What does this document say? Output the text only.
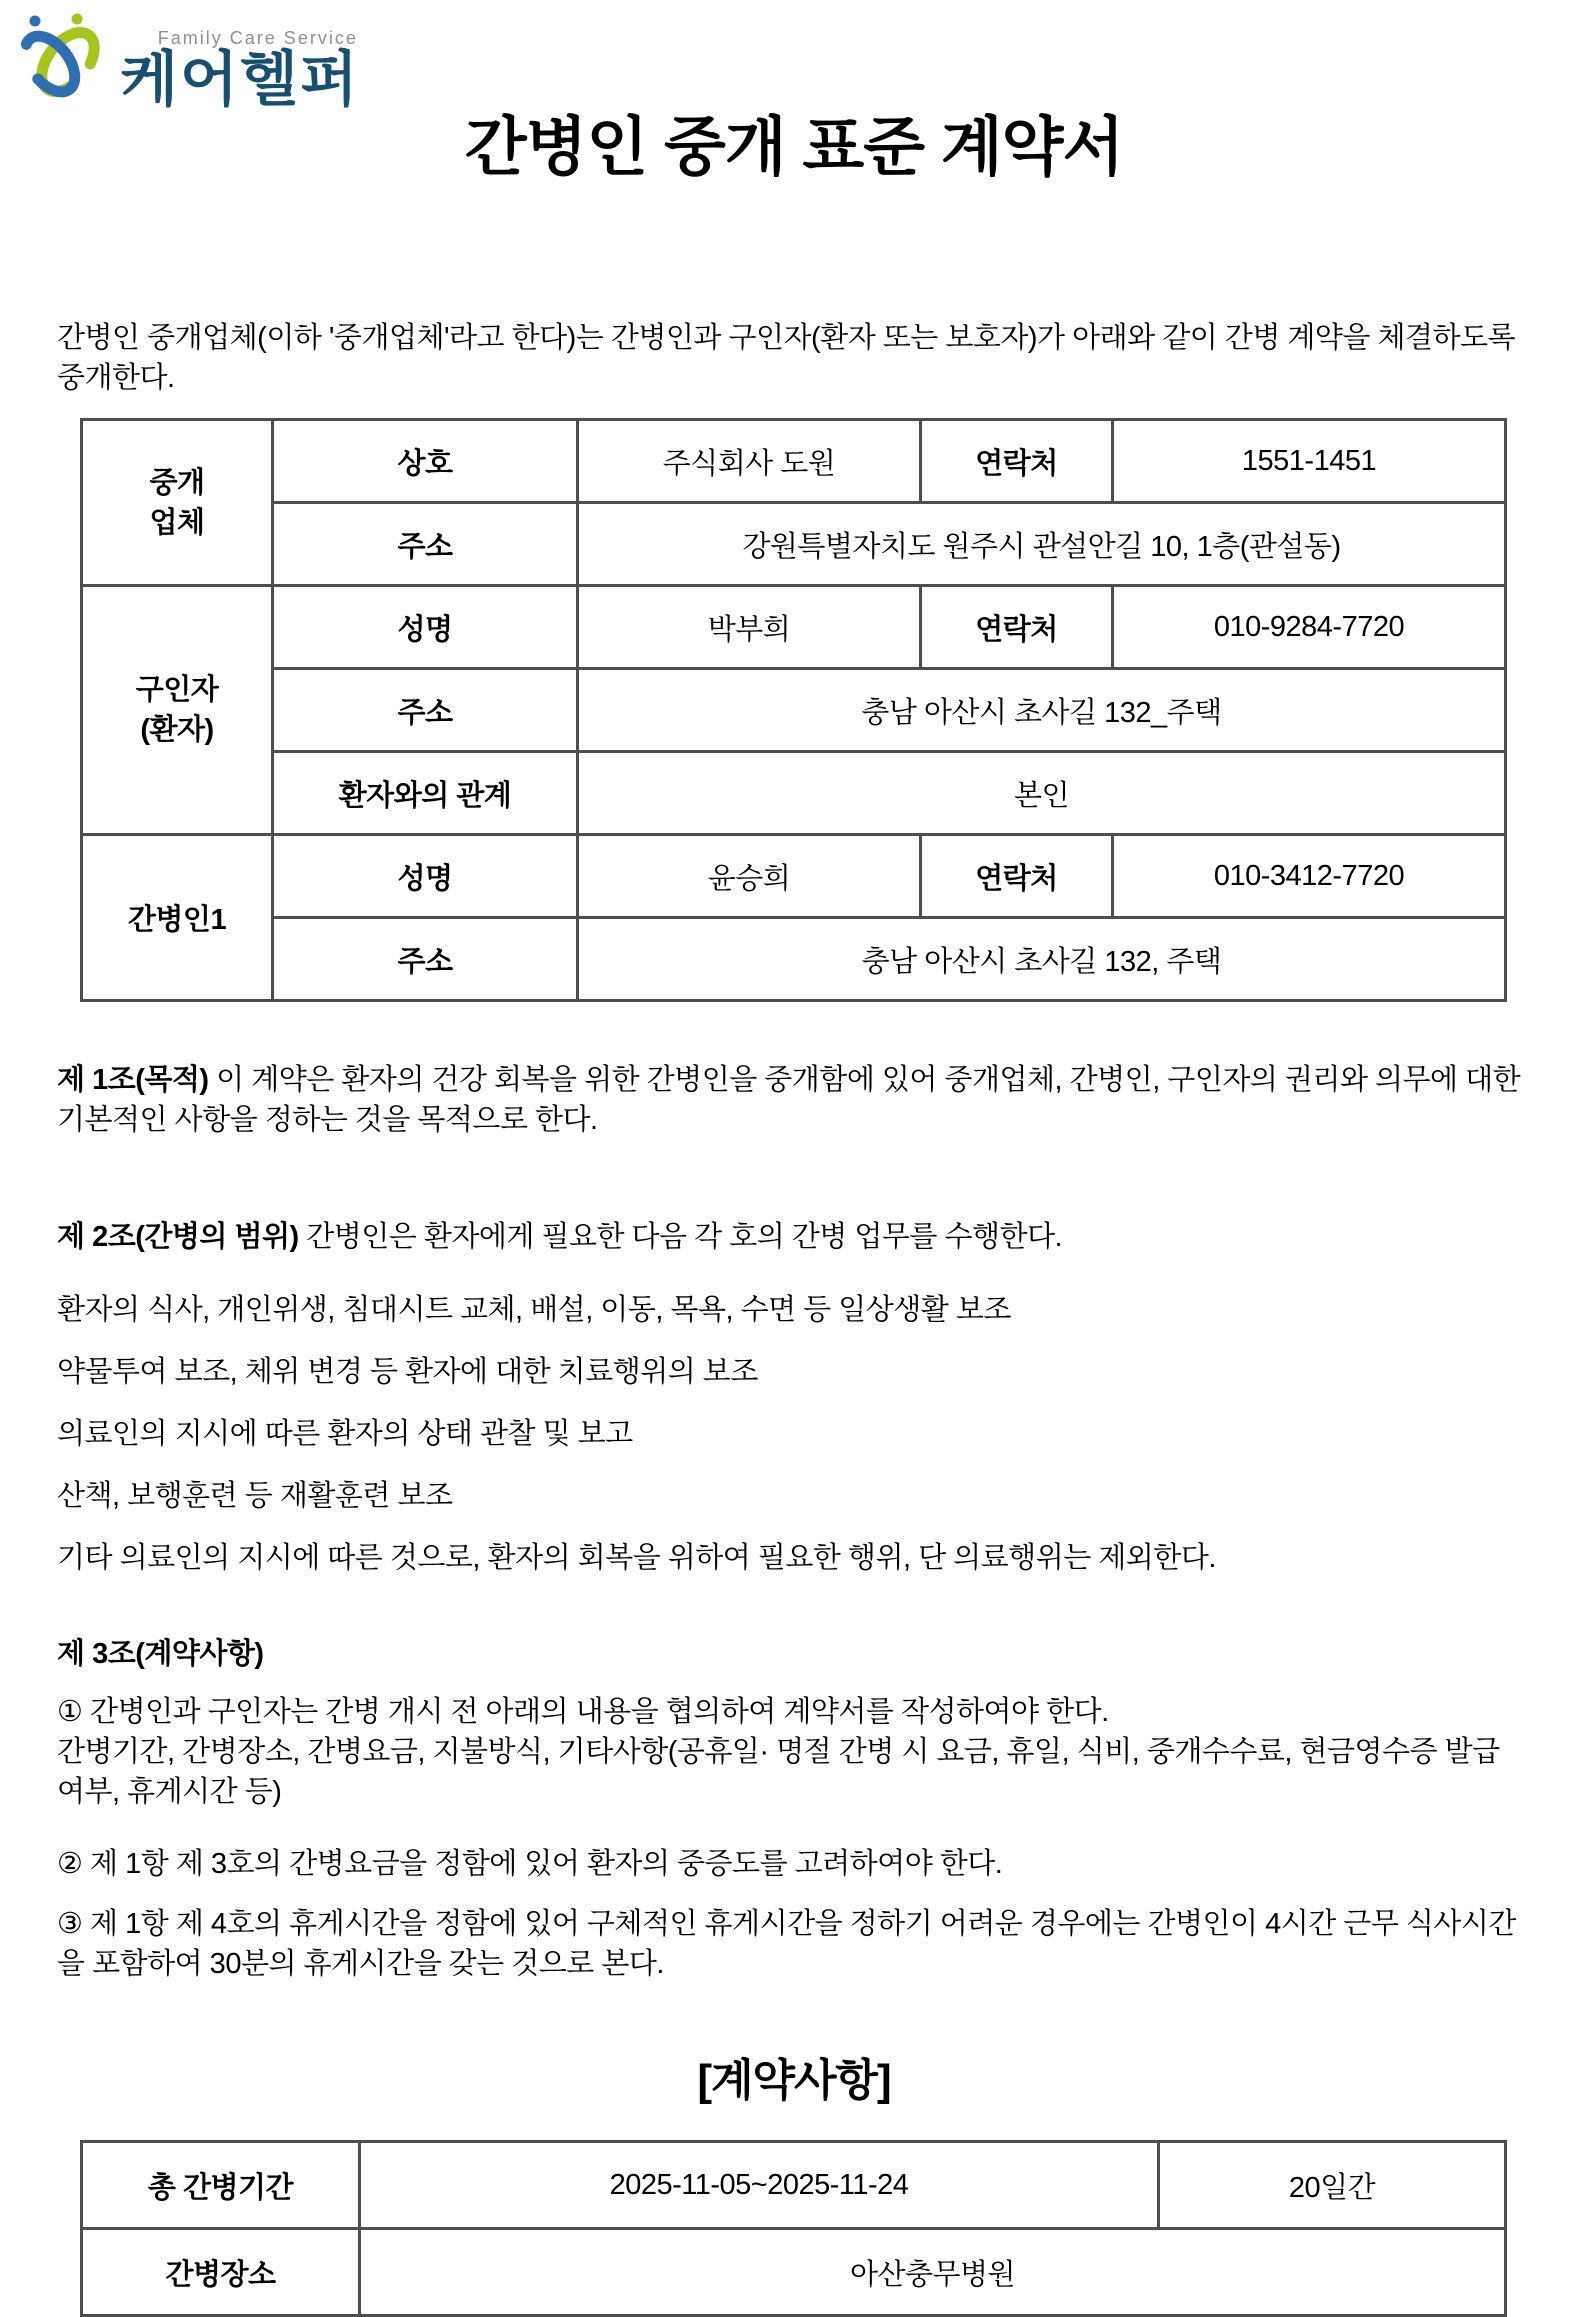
Family Care Service
케어헬퍼
간병인 중개 표준 계약서

간병인 중개업체(이하 '중개업체'라고 한다)는 간병인과 구인자(환자 또는 보호자)가 아래와 같이 간병 계약을 체결하도록 중개한다.

중개
업체	상호	주식회사 도원	연락처	1551-1451
	주소	강원특별자치도 원주시 관설안길 10, 1층(관설동)		

구인자
(환자)	성명	박부희	연락처	010-9284-7720
	주소	충남 아산시 초사길 132_주택		
	환자와의 관계	본인		
간병인1	성명	윤승희	연락처	010-3412-7720
	주소	충남 아산시 초사길 132, 주택		

제 1조(목적) 이 계약은 환자의 건강 회복을 위한 간병인을 중개함에 있어 중개업체, 간병인, 구인자의 권리와 의무에 대한 기본적인 사항을 정하는 것을 목적으로 한다.

제 2조(간병의 범위) 간병인은 환자에게 필요한 다음 각 호의 간병 업무를 수행한다.

환자의 식사, 개인위생, 침대시트 교체, 배설, 이동, 목욕, 수면 등 일상생활 보조

약물투여 보조, 체위 변경 등 환자에 대한 치료행위의 보조

의료인의 지시에 따른 환자의 상태 관찰 및 보고

산책, 보행훈련 등 재활훈련 보조

기타 의료인의 지시에 따른 것으로, 환자의 회복을 위하여 필요한 행위, 단 의료행위는 제외한다.

제 3조(계약사항)

① 간병인과 구인자는 간병 개시 전 아래의 내용을 협의하여 계약서를 작성하여야 한다.
간병기간, 간병장소, 간병요금, 지불방식, 기타사항(공휴일· 명절 간병 시 요금, 휴일, 식비, 중개수수료, 현금영수증 발급 여부, 휴게시간 등)

② 제 1항 제 3호의 간병요금을 정함에 있어 환자의 중증도를 고려하여야 한다.

③ 제 1항 제 4호의 휴게시간을 정함에 있어 구체적인 휴게시간을 정하기 어려운 경우에는 간병인이 4시간 근무 식사시간을 포함하여 30분의 휴게시간을 갖는 것으로 본다.

[계약사항]
총 간병기간	2025-11-05~2025-11-24	20일간
간병장소	아산충무병원	
